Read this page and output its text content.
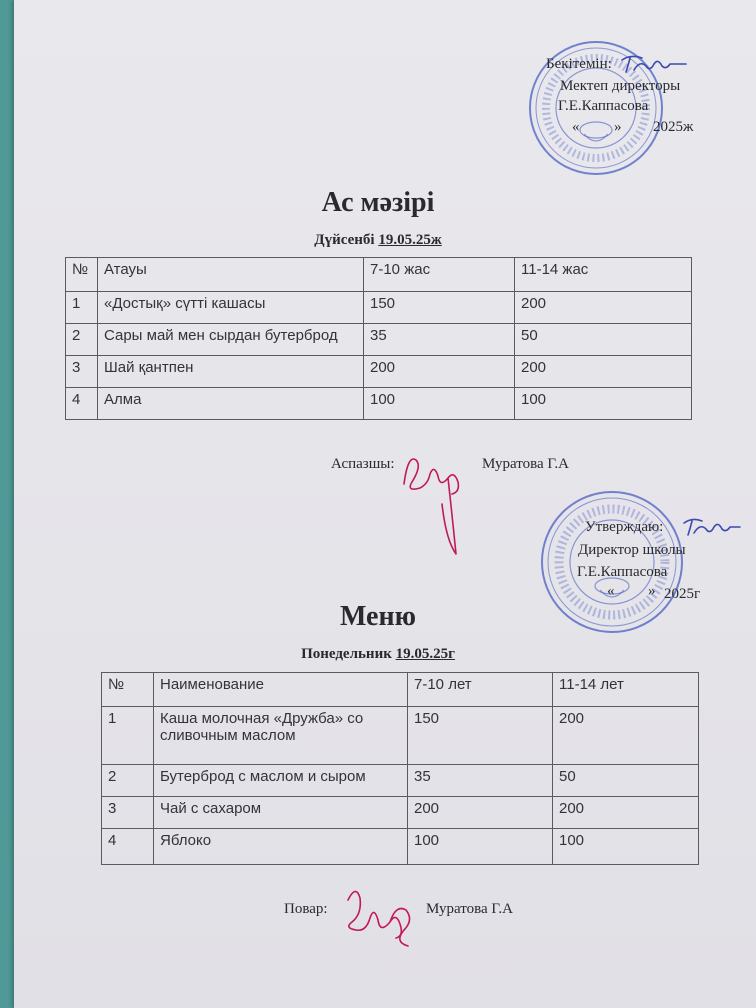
Бекітемін:
Мектеп директоры
Г.Е.Каппасова
« » 2025ж
Ас мәзірі
Дүйсенбі 19.05.25ж
№	Атауы	7-10 жас	11-14 жас
1	«Достық» сүтті кашасы	150	200
2	Сары май мен сырдан бутерброд	35	50
3	Шай қантпен	200	200
4	Алма	100	100
Аспазшы:	Муратова Г.А
Утверждаю:
Директор школы
Г.Е.Каппасова
« » 2025г
Меню
Понедельник 19.05.25г
№	Наименование	7-10 лет	11-14 лет
1	Каша молочная «Дружба» со сливочным маслом	150	200
2	Бутерброд с маслом и сыром	35	50
3	Чай с сахаром	200	200
4	Яблоко	100	100
Повар:	Муратова Г.А
